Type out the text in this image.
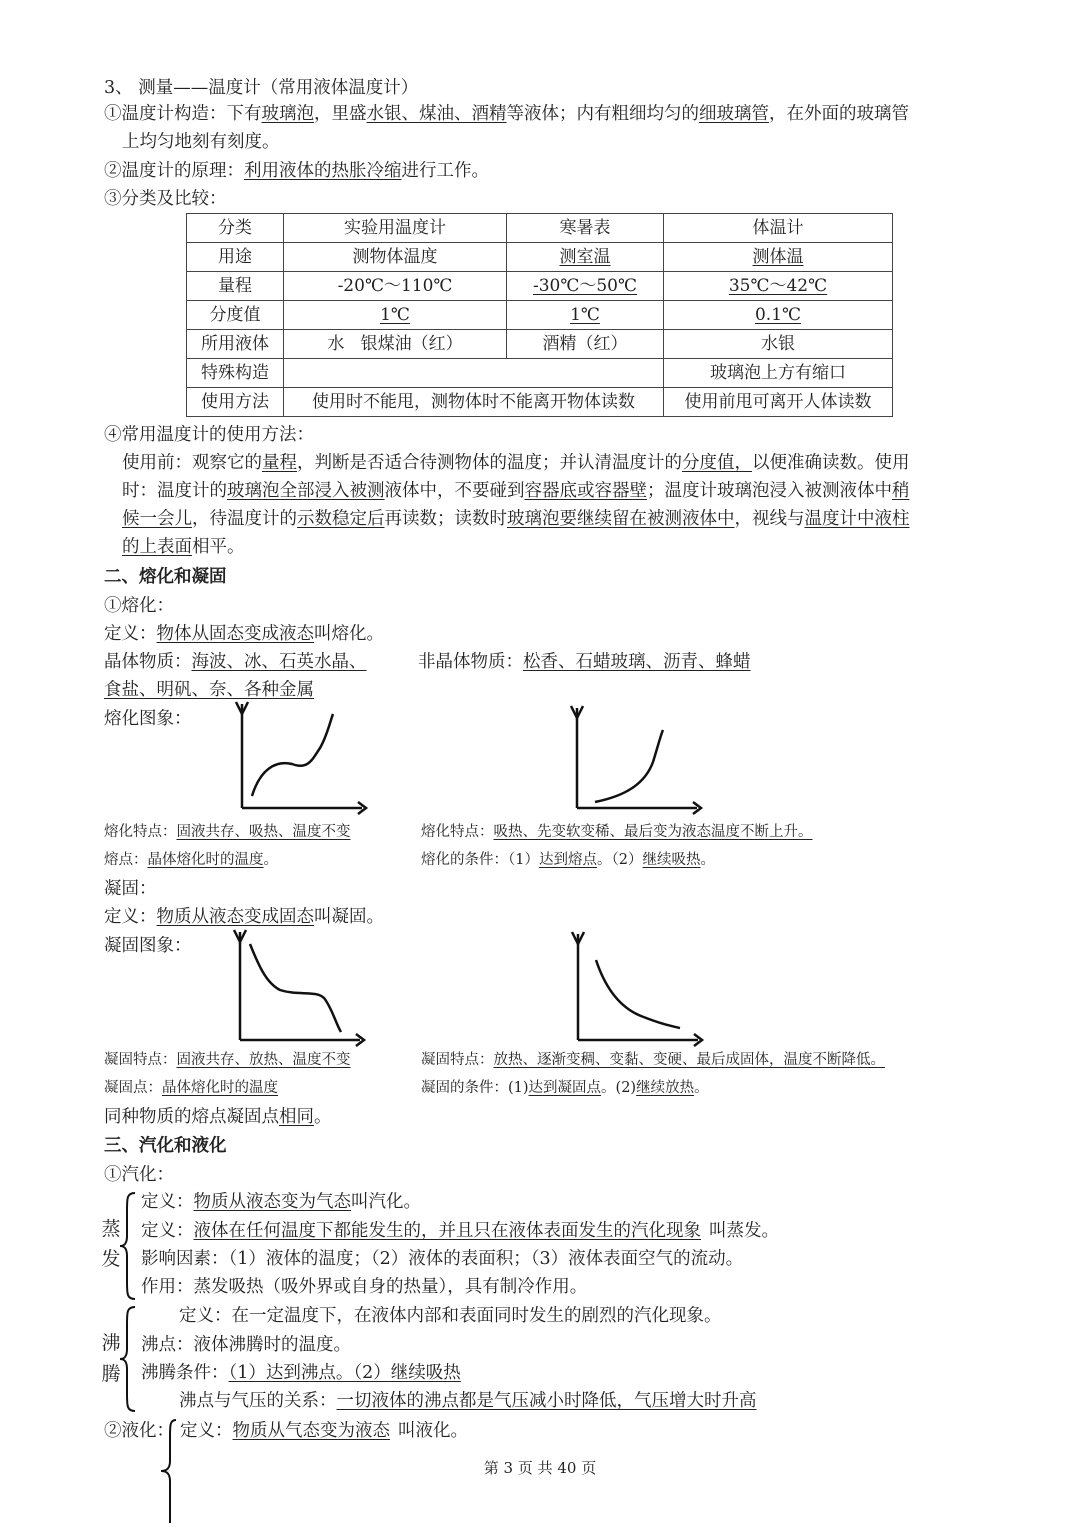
3、 测量——温度计（常用液体温度计）
①温度计构造：下有玻璃泡，里盛水银、煤油、酒精等液体；内有粗细均匀的细玻璃管，在外面的玻璃管
上均匀地刻有刻度。
②温度计的原理：利用液体的热胀冷缩进行工作。
③分类及比较：
分类	实验用温度计	寒暑表	体温计
用途	测物体温度	测室温	测体温
量程	-20℃～110℃	-30℃～50℃	35℃～42℃
分度值	1℃	1℃	0.1℃
所用液体	水   银煤油（红）	酒精（红）	水银
特殊构造			玻璃泡上方有缩口
使用方法	使用时不能甩，测物体时不能离开物体读数		使用前甩可离开人体读数
④常用温度计的使用方法：
使用前：观察它的量程，判断是否适合待测物体的温度；并认清温度计的分度值，以便准确读数。使用
时：温度计的玻璃泡全部浸入被测液体中，不要碰到容器底或容器壁；温度计玻璃泡浸入被测液体中稍
候一会儿，待温度计的示数稳定后再读数；读数时玻璃泡要继续留在被测液体中，视线与温度计中液柱
的上表面相平。
二、熔化和凝固
①熔化：
定义：物体从固态变成液态叫熔化。
晶体物质：海波、冰、石英水晶、	非晶体物质：松香、石蜡玻璃、沥青、蜂蜡
食盐、明矾、奈、各种金属
熔化图象：
熔化特点：固液共存、吸热、温度不变	熔化特点：吸热、先变软变稀、最后变为液态温度不断上升。
熔点：晶体熔化时的温度。	熔化的条件：（1）达到熔点。（2）继续吸热。
凝固：
定义：物质从液态变成固态叫凝固。
凝固图象：
凝固特点：固液共存、放热、温度不变	凝固特点：放热、逐渐变稠、变黏、变硬、最后成固体，温度不断降低。
凝固点：晶体熔化时的温度	凝固的条件：(1)达到凝固点。(2)继续放热。
同种物质的熔点凝固点相同。
三、汽化和液化
①汽化：
蒸
发
定义：物质从液态变为气态叫汽化。
定义：液体在任何温度下都能发生的，并且只在液体表面发生的汽化现象 叫蒸发。
影响因素：（1）液体的温度；（2）液体的表面积；（3）液体表面空气的流动。
作用：蒸发吸热（吸外界或自身的热量），具有制冷作用。
沸
腾
定义：在一定温度下，在液体内部和表面同时发生的剧烈的汽化现象。
沸点：液体沸腾时的温度。
沸腾条件：（1）达到沸点。（2）继续吸热
沸点与气压的关系：一切液体的沸点都是气压减小时降低，气压增大时升高
②液化： 定义：物质从气态变为液态 叫液化。
第 3 页 共 40 页
